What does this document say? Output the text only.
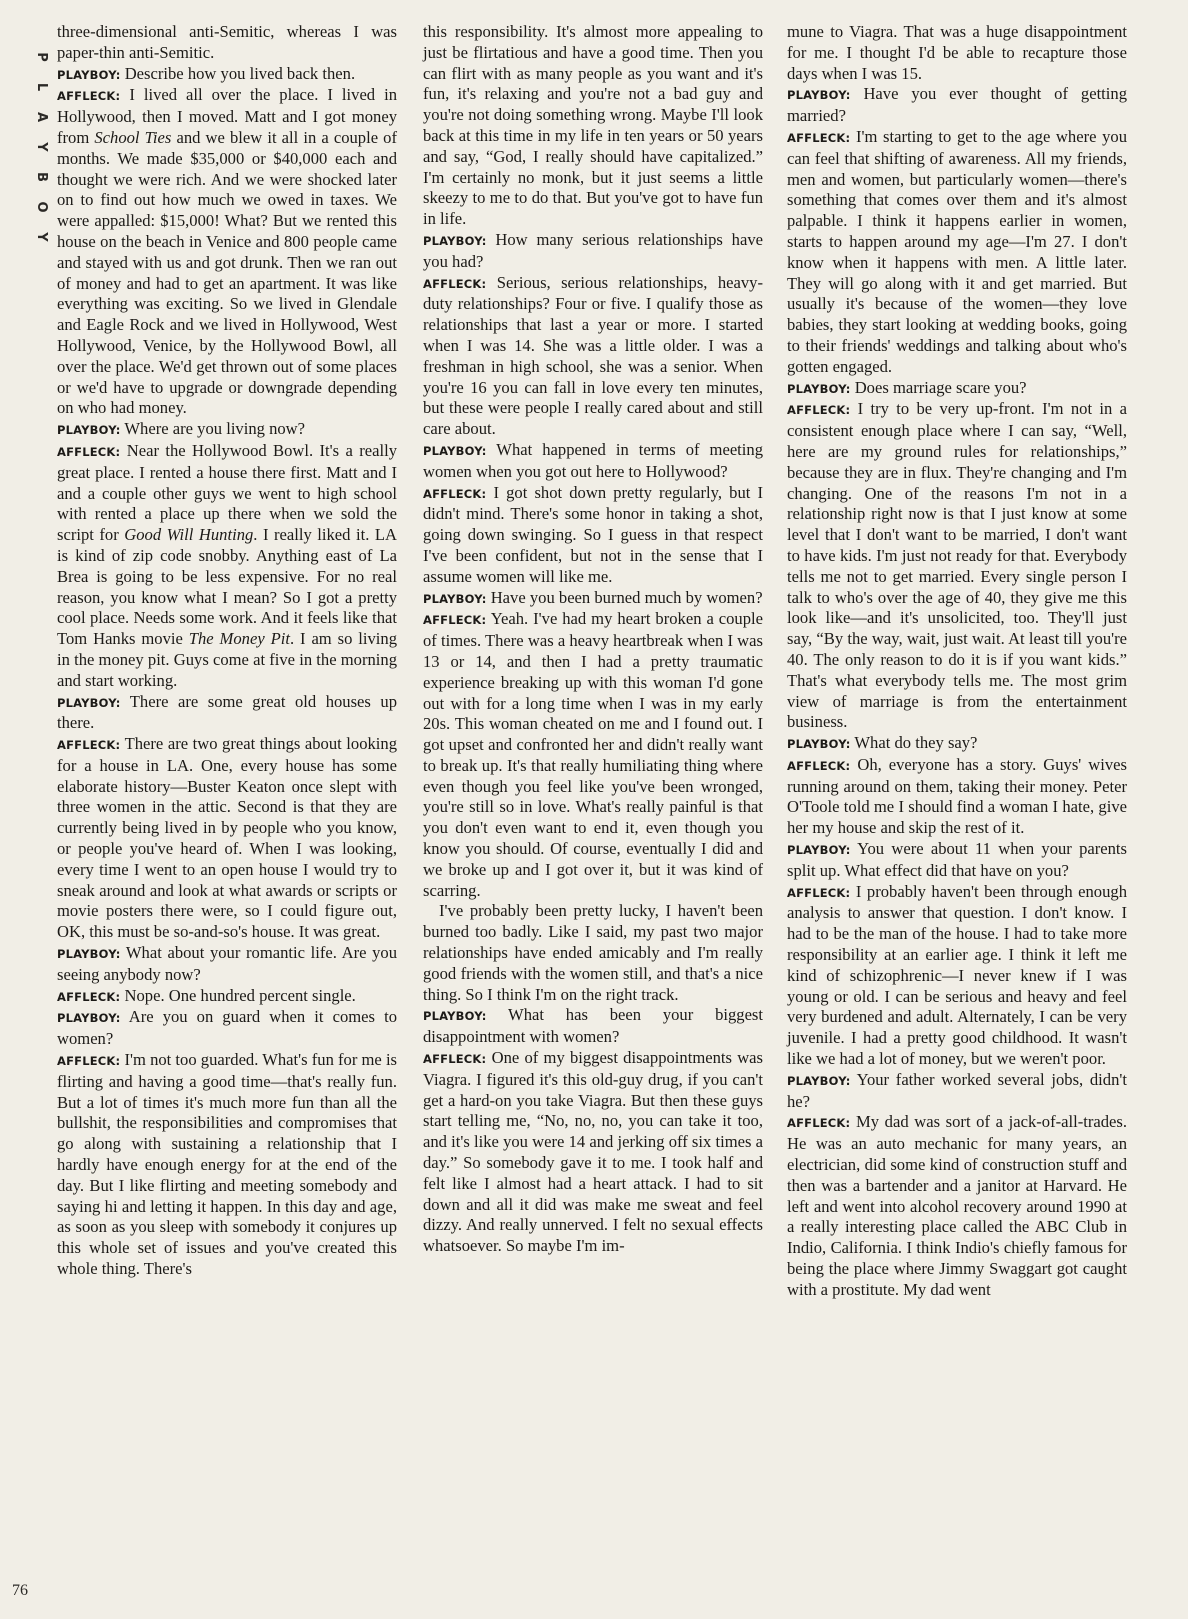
P
L
A
Y
B
O
Y

three-dimensional anti-Semitic, whereas I was paper-thin anti-Semitic.

PLAYBOY: Describe how you lived back then.

AFFLECK: I lived all over the place. I lived in Hollywood, then I moved. Matt and I got money from School Ties and we blew it all in a couple of months. We made $35,000 or $40,000 each and thought we were rich. And we were shocked later on to find out how much we owed in taxes. We were appalled: $15,000! What? But we rented this house on the beach in Venice and 800 people came and stayed with us and got drunk. Then we ran out of money and had to get an apartment. It was like everything was exciting. So we lived in Glendale and Eagle Rock and we lived in Hollywood, West Hollywood, Venice, by the Hollywood Bowl, all over the place. We'd get thrown out of some places or we'd have to upgrade or downgrade depending on who had money.

PLAYBOY: Where are you living now?

AFFLECK: Near the Hollywood Bowl. It's a really great place. I rented a house there first. Matt and I and a couple other guys we went to high school with rented a place up there when we sold the script for Good Will Hunting. I really liked it. LA is kind of zip code snobby. Anything east of La Brea is going to be less expensive. For no real reason, you know what I mean? So I got a pretty cool place. Needs some work. And it feels like that Tom Hanks movie The Money Pit. I am so living in the money pit. Guys come at five in the morning and start working.

PLAYBOY: There are some great old houses up there.

AFFLECK: There are two great things about looking for a house in LA. One, every house has some elaborate history—Buster Keaton once slept with three women in the attic. Second is that they are currently being lived in by people who you know, or people you've heard of. When I was looking, every time I went to an open house I would try to sneak around and look at what awards or scripts or movie posters there were, so I could figure out, OK, this must be so-and-so's house. It was great.

PLAYBOY: What about your romantic life. Are you seeing anybody now?

AFFLECK: Nope. One hundred percent single.

PLAYBOY: Are you on guard when it comes to women?

AFFLECK: I'm not too guarded. What's fun for me is flirting and having a good time—that's really fun. But a lot of times it's much more fun than all the bullshit, the responsibilities and compromises that go along with sustaining a relationship that I hardly have enough energy for at the end of the day. But I like flirting and meeting somebody and saying hi and letting it happen. In this day and age, as soon as you sleep with somebody it conjures up this whole set of issues and you've created this whole thing. There's

this responsibility. It's almost more appealing to just be flirtatious and have a good time. Then you can flirt with as many people as you want and it's fun, it's relaxing and you're not a bad guy and you're not doing something wrong. Maybe I'll look back at this time in my life in ten years or 50 years and say, “God, I really should have capitalized.” I'm certainly no monk, but it just seems a little skeezy to me to do that. But you've got to have fun in life.

PLAYBOY: How many serious relationships have you had?

AFFLECK: Serious, serious relationships, heavy-duty relationships? Four or five. I qualify those as relationships that last a year or more. I started when I was 14. She was a little older. I was a freshman in high school, she was a senior. When you're 16 you can fall in love every ten minutes, but these were people I really cared about and still care about.

PLAYBOY: What happened in terms of meeting women when you got out here to Hollywood?

AFFLECK: I got shot down pretty regularly, but I didn't mind. There's some honor in taking a shot, going down swinging. So I guess in that respect I've been confident, but not in the sense that I assume women will like me.

PLAYBOY: Have you been burned much by women?

AFFLECK: Yeah. I've had my heart broken a couple of times. There was a heavy heartbreak when I was 13 or 14, and then I had a pretty traumatic experience breaking up with this woman I'd gone out with for a long time when I was in my early 20s. This woman cheated on me and I found out. I got upset and confronted her and didn't really want to break up. It's that really humiliating thing where even though you feel like you've been wronged, you're still so in love. What's really painful is that you don't even want to end it, even though you know you should. Of course, eventually I did and we broke up and I got over it, but it was kind of scarring.

I've probably been pretty lucky, I haven't been burned too badly. Like I said, my past two major relationships have ended amicably and I'm really good friends with the women still, and that's a nice thing. So I think I'm on the right track.

PLAYBOY: What has been your biggest disappointment with women?

AFFLECK: One of my biggest disappointments was Viagra. I figured it's this old-guy drug, if you can't get a hard-on you take Viagra. But then these guys start telling me, “No, no, no, you can take it too, and it's like you were 14 and jerking off six times a day.” So somebody gave it to me. I took half and felt like I almost had a heart attack. I had to sit down and all it did was make me sweat and feel dizzy. And really unnerved. I felt no sexual effects whatsoever. So maybe I'm im-

mune to Viagra. That was a huge disappointment for me. I thought I'd be able to recapture those days when I was 15.

PLAYBOY: Have you ever thought of getting married?

AFFLECK: I'm starting to get to the age where you can feel that shifting of awareness. All my friends, men and women, but particularly women—there's something that comes over them and it's almost palpable. I think it happens earlier in women, starts to happen around my age—I'm 27. I don't know when it happens with men. A little later. They will go along with it and get married. But usually it's because of the women—they love babies, they start looking at wedding books, going to their friends' weddings and talking about who's gotten engaged.

PLAYBOY: Does marriage scare you?

AFFLECK: I try to be very up-front. I'm not in a consistent enough place where I can say, “Well, here are my ground rules for relationships,” because they are in flux. They're changing and I'm changing. One of the reasons I'm not in a relationship right now is that I just know at some level that I don't want to be married, I don't want to have kids. I'm just not ready for that. Everybody tells me not to get married. Every single person I talk to who's over the age of 40, they give me this look like—and it's unsolicited, too. They'll just say, “By the way, wait, just wait. At least till you're 40. The only reason to do it is if you want kids.” That's what everybody tells me. The most grim view of marriage is from the entertainment business.

PLAYBOY: What do they say?

AFFLECK: Oh, everyone has a story. Guys' wives running around on them, taking their money. Peter O'Toole told me I should find a woman I hate, give her my house and skip the rest of it.

PLAYBOY: You were about 11 when your parents split up. What effect did that have on you?

AFFLECK: I probably haven't been through enough analysis to answer that question. I don't know. I had to be the man of the house. I had to take more responsibility at an earlier age. I think it left me kind of schizophrenic—I never knew if I was young or old. I can be serious and heavy and feel very burdened and adult. Alternately, I can be very juvenile. I had a pretty good childhood. It wasn't like we had a lot of money, but we weren't poor.

PLAYBOY: Your father worked several jobs, didn't he?

AFFLECK: My dad was sort of a jack-of-all-trades. He was an auto mechanic for many years, an electrician, did some kind of construction stuff and then was a bartender and a janitor at Harvard. He left and went into alcohol recovery around 1990 at a really interesting place called the ABC Club in Indio, California. I think Indio's chiefly famous for being the place where Jimmy Swaggart got caught with a prostitute. My dad went

76
